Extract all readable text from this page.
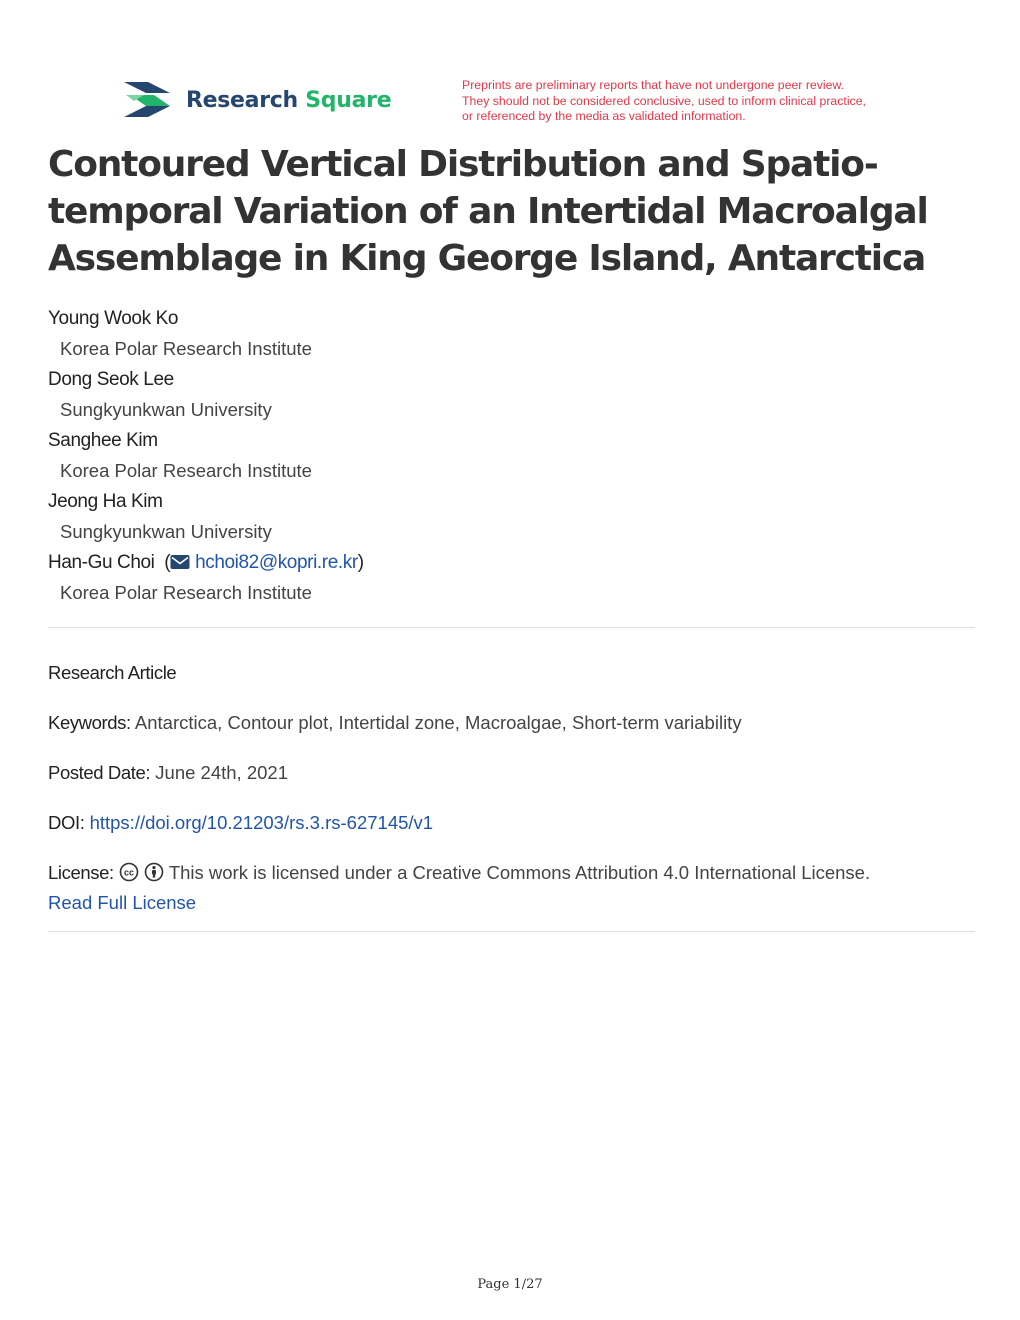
Research Square
Preprints are preliminary reports that have not undergone peer review.
They should not be considered conclusive, used to inform clinical practice,
or referenced by the media as validated information.
Contoured Vertical Distribution and Spatio-temporal Variation of an Intertidal Macroalgal Assemblage in King George Island, Antarctica
Young Wook Ko
Korea Polar Research Institute
Dong Seok Lee
Sungkyunkwan University
Sanghee Kim
Korea Polar Research Institute
Jeong Ha Kim
Sungkyunkwan University
Han-Gu Choi  ( hchoi82@kopri.re.kr)
Korea Polar Research Institute
Research Article
Keywords: Antarctica, Contour plot, Intertidal zone, Macroalgae, Short-term variability
Posted Date: June 24th, 2021
DOI: https://doi.org/10.21203/rs.3.rs-627145/v1
License: cc This work is licensed under a Creative Commons Attribution 4.0 International License.
Read Full License
Page 1/27
